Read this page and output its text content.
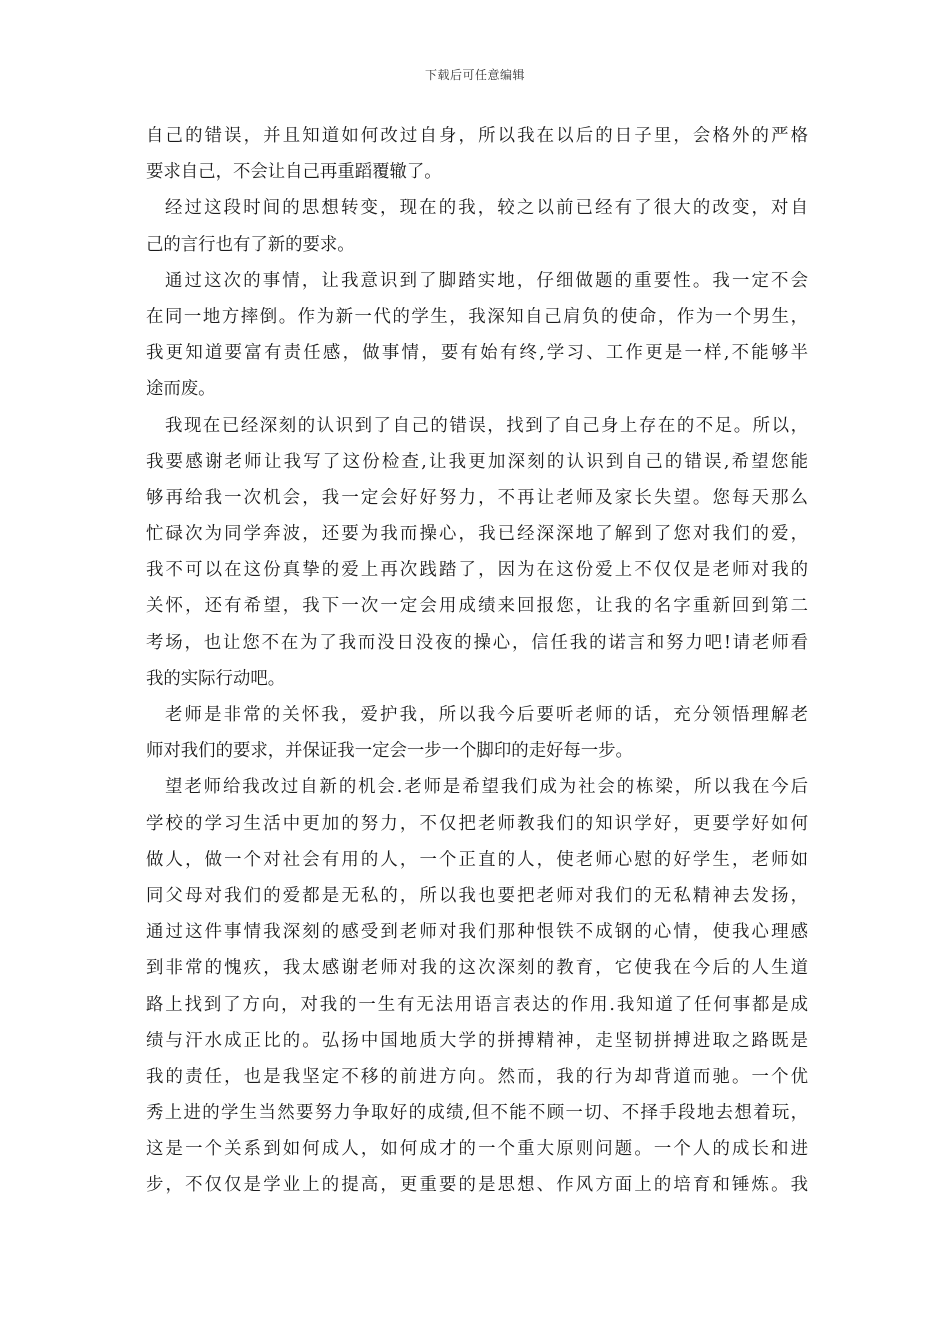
下载后可任意编辑
自己的错误，并且知道如何改过自身，所以我在以后的日子里，会格外的严格
要求自己，不会让自己再重蹈覆辙了。
经过这段时间的思想转变，现在的我，较之以前已经有了很大的改变，对自
己的言行也有了新的要求。
通过这次的事情，让我意识到了脚踏实地，仔细做题的重要性。我一定不会
在同一地方摔倒。作为新一代的学生，我深知自己肩负的使命，作为一个男生，
我更知道要富有责任感，做事情，要有始有终,学习、工作更是一样,不能够半
途而废。
我现在已经深刻的认识到了自己的错误，找到了自己身上存在的不足。所以，
我要感谢老师让我写了这份检查,让我更加深刻的认识到自己的错误,希望您能
够再给我一次机会，我一定会好好努力，不再让老师及家长失望。您每天那么
忙碌次为同学奔波，还要为我而操心，我已经深深地了解到了您对我们的爱，
我不可以在这份真挚的爱上再次践踏了，因为在这份爱上不仅仅是老师对我的
关怀，还有希望，我下一次一定会用成绩来回报您，让我的名字重新回到第二
考场，也让您不在为了我而没日没夜的操心，信任我的诺言和努力吧!请老师看
我的实际行动吧。
老师是非常的关怀我，爱护我，所以我今后要听老师的话，充分领悟理解老
师对我们的要求，并保证我一定会一步一个脚印的走好每一步。
望老师给我改过自新的机会.老师是希望我们成为社会的栋梁，所以我在今后
学校的学习生活中更加的努力，不仅把老师教我们的知识学好，更要学好如何
做人，做一个对社会有用的人，一个正直的人，使老师心慰的好学生，老师如
同父母对我们的爱都是无私的，所以我也要把老师对我们的无私精神去发扬，
通过这件事情我深刻的感受到老师对我们那种恨铁不成钢的心情，使我心理感
到非常的愧疚，我太感谢老师对我的这次深刻的教育，它使我在今后的人生道
路上找到了方向，对我的一生有无法用语言表达的作用.我知道了任何事都是成
绩与汗水成正比的。弘扬中国地质大学的拼搏精神，走坚韧拼搏进取之路既是
我的责任，也是我坚定不移的前进方向。然而，我的行为却背道而驰。一个优
秀上进的学生当然要努力争取好的成绩,但不能不顾一切、不择手段地去想着玩，
这是一个关系到如何成人，如何成才的一个重大原则问题。一个人的成长和进
步，不仅仅是学业上的提高，更重要的是思想、作风方面上的培育和锤炼。我
